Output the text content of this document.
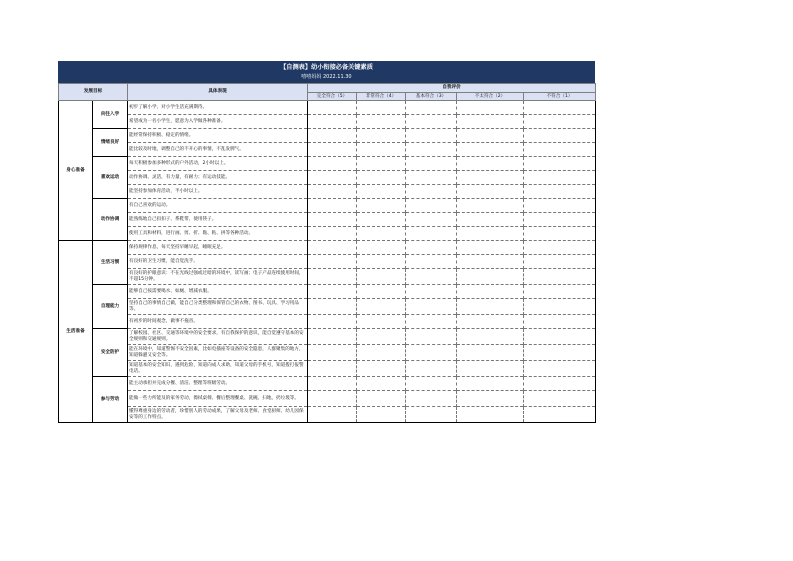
【自测表】幼小衔接必备关键素质
嘻嘻妈妈 2022.11.30
发展目标		具体表现	自我评价				
			完全符合（5）	非常符合（4）	基本符合（3）	不太符合（2）	不符合（1）
身心准备	向往入学	初步了解小学，对小学生活充满期待。					
		希望成为一名小学生，愿意为入学做各种准备。					
	情绪良好	能经常保持积极、稳定的情绪。					
		能比较及时地，调整自己的不开心的事情，不乱发脾气。					
	喜欢运动	每天积极参加多种形式的户外活动，2小时以上。					
		动作协调、灵活，有力量，有耐力；有运动技能。					
		能坚持参加体育活动，半小时以上。					
	动作协调	有自己喜欢的运动。					
		能熟练地自己扣扣子、系鞋带、使用筷子。					
		使用工具和材料，进行画、剪、折、黏、粘、拼等各种活动。					
生活准备	生活习惯	保持规律作息，每天坚持早睡早起，睡眠充足。					
		有良好的卫生习惯，能自觉洗手。					
		有良好的护眼意识：不在光线过强或过暗的环境中，读写画；电子产品连续使用时间，不超15分钟。					
	自理能力	能够自己按需要喝水、如厕、增减衣服。					
		坚持自己的事情自己做，能自己分类整理和保管自己的衣物、图书、玩具、学习用品等。					
		有初步的时间观念，做事不拖沓。					
	安全防护	了解校园、社区、交通等环境中的安全要求，有自我保护的意识，能自觉遵守基本的安全规则和交通规则。					
		能在环境中，知道警惕不安全因素，比如电插座等设备的安全隐患，人群聚集的地方，知道躲避又安全等。					
		知道基本的安全知识，遇到危险，知道向成人求助，知道父母的手机号，知道拨打报警电话。					
	参与劳动	能主动承担并完成分餐、清洁、整理等班级劳动。					
		能做一些力所能及的家务劳动，擦拭桌椅、餐后整理餐桌、洗碗、扫地、扔垃圾等。					
		懂得尊重身边的劳动者，珍惜别人的劳动成果，了解父母及老师、食堂厨师、幼儿园保安等的工作特点。					
